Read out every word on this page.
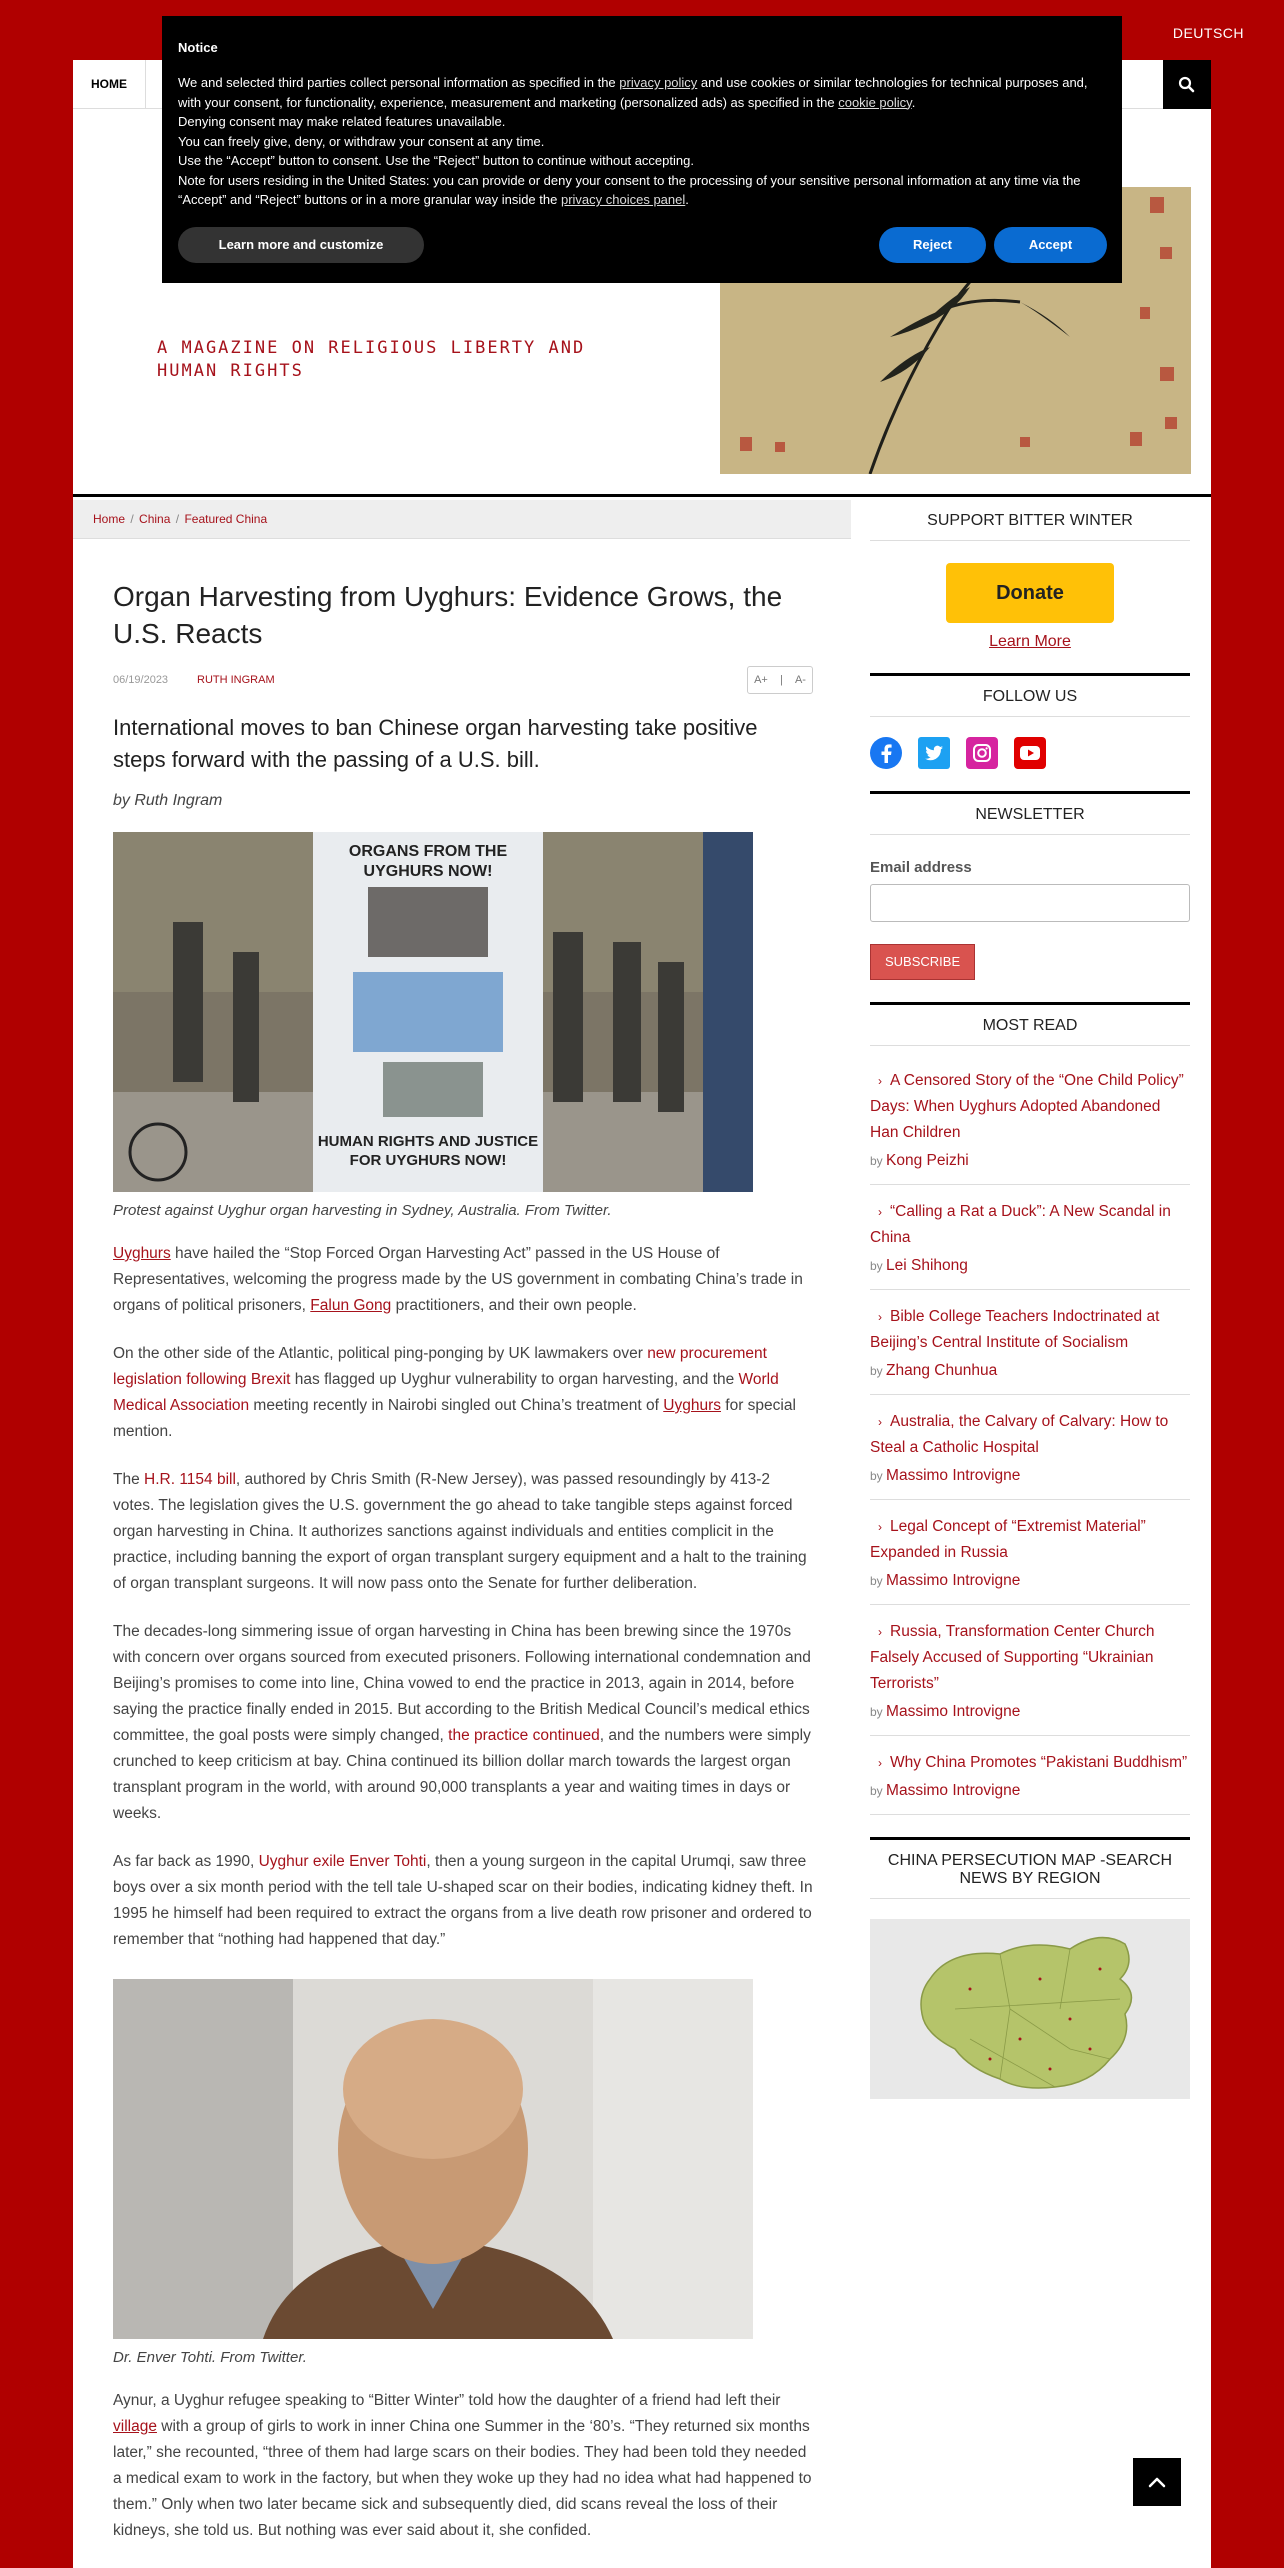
DEUTSCH
HOME
A MAGAZINE ON RELIGIOUS LIBERTY AND HUMAN RIGHTS
Home / China / Featured China
Organ Harvesting from Uyghurs: Evidence Grows, the U.S. Reacts
06/19/2023	RUTH INGRAM	A+ | A-
International moves to ban Chinese organ harvesting take positive steps forward with the passing of a U.S. bill.
by Ruth Ingram
ORGANS FROM THE UYGHURS NOW!
HUMAN RIGHTS AND JUSTICE FOR UYGHURS NOW!
Protest against Uyghur organ harvesting in Sydney, Australia. From Twitter.

Uyghurs have hailed the “Stop Forced Organ Harvesting Act” passed in the US House of Representatives, welcoming the progress made by the US government in combating China’s trade in organs of political prisoners, Falun Gong practitioners, and their own people.

On the other side of the Atlantic, political ping-ponging by UK lawmakers over new procurement legislation following Brexit has flagged up Uyghur vulnerability to organ harvesting, and the World Medical Association meeting recently in Nairobi singled out China’s treatment of Uyghurs for special mention.

The H.R. 1154 bill, authored by Chris Smith (R-New Jersey), was passed resoundingly by 413-2 votes. The legislation gives the U.S. government the go ahead to take tangible steps against forced organ harvesting in China. It authorizes sanctions against individuals and entities complicit in the practice, including banning the export of organ transplant surgery equipment and a halt to the training of organ transplant surgeons. It will now pass onto the Senate for further deliberation.

The decades-long simmering issue of organ harvesting in China has been brewing since the 1970s with concern over organs sourced from executed prisoners. Following international condemnation and Beijing’s promises to come into line, China vowed to end the practice in 2013, again in 2014, before saying the practice finally ended in 2015. But according to the British Medical Council’s medical ethics committee, the goal posts were simply changed, the practice continued, and the numbers were simply crunched to keep criticism at bay. China continued its billion dollar march towards the largest organ transplant program in the world, with around 90,000 transplants a year and waiting times in days or weeks.

As far back as 1990, Uyghur exile Enver Tohti, then a young surgeon in the capital Urumqi, saw three boys over a six month period with the tell tale U-shaped scar on their bodies, indicating kidney theft. In 1995 he himself had been required to extract the organs from a live death row prisoner and ordered to remember that “nothing had happened that day.”

Dr. Enver Tohti. From Twitter.

Aynur, a Uyghur refugee speaking to “Bitter Winter” told how the daughter of a friend had left their village with a group of girls to work in inner China one Summer in the ‘80’s. “They returned six months later,” she recounted, “three of them had large scars on their bodies. They had been told they needed a medical exam to work in the factory, but when they woke up they had no idea what had happened to them.” Only when two later became sick and subsequently died, did scans reveal the loss of their kidneys, she told us. But nothing was ever said about it, she confided.

SUPPORT BITTER WINTER
Donate
Learn More
FOLLOW US
NEWSLETTER
Email address
SUBSCRIBE
MOST READ
› A Censored Story of the “One Child Policy” Days: When Uyghurs Adopted Abandoned Han Children
by Kong Peizhi
› “Calling a Rat a Duck”: A New Scandal in China
by Lei Shihong
› Bible College Teachers Indoctrinated at Beijing’s Central Institute of Socialism
by Zhang Chunhua
› Australia, the Calvary of Calvary: How to Steal a Catholic Hospital
by Massimo Introvigne
› Legal Concept of “Extremist Material” Expanded in Russia
by Massimo Introvigne
› Russia, Transformation Center Church Falsely Accused of Supporting “Ukrainian Terrorists”
by Massimo Introvigne
› Why China Promotes “Pakistani Buddhism”
by Massimo Introvigne
CHINA PERSECUTION MAP -SEARCH NEWS BY REGION
Notice
We and selected third parties collect personal information as specified in the privacy policy and use cookies or similar technologies for technical purposes and, with your consent, for functionality, experience, measurement and marketing (personalized ads) as specified in the cookie policy.
Denying consent may make related features unavailable.
You can freely give, deny, or withdraw your consent at any time.
Use the “Accept” button to consent. Use the “Reject” button to continue without accepting.
Note for users residing in the United States: you can provide or deny your consent to the processing of your sensitive personal information at any time via the “Accept” and “Reject” buttons or in a more granular way inside the privacy choices panel.
Learn more and customize	Reject	Accept
